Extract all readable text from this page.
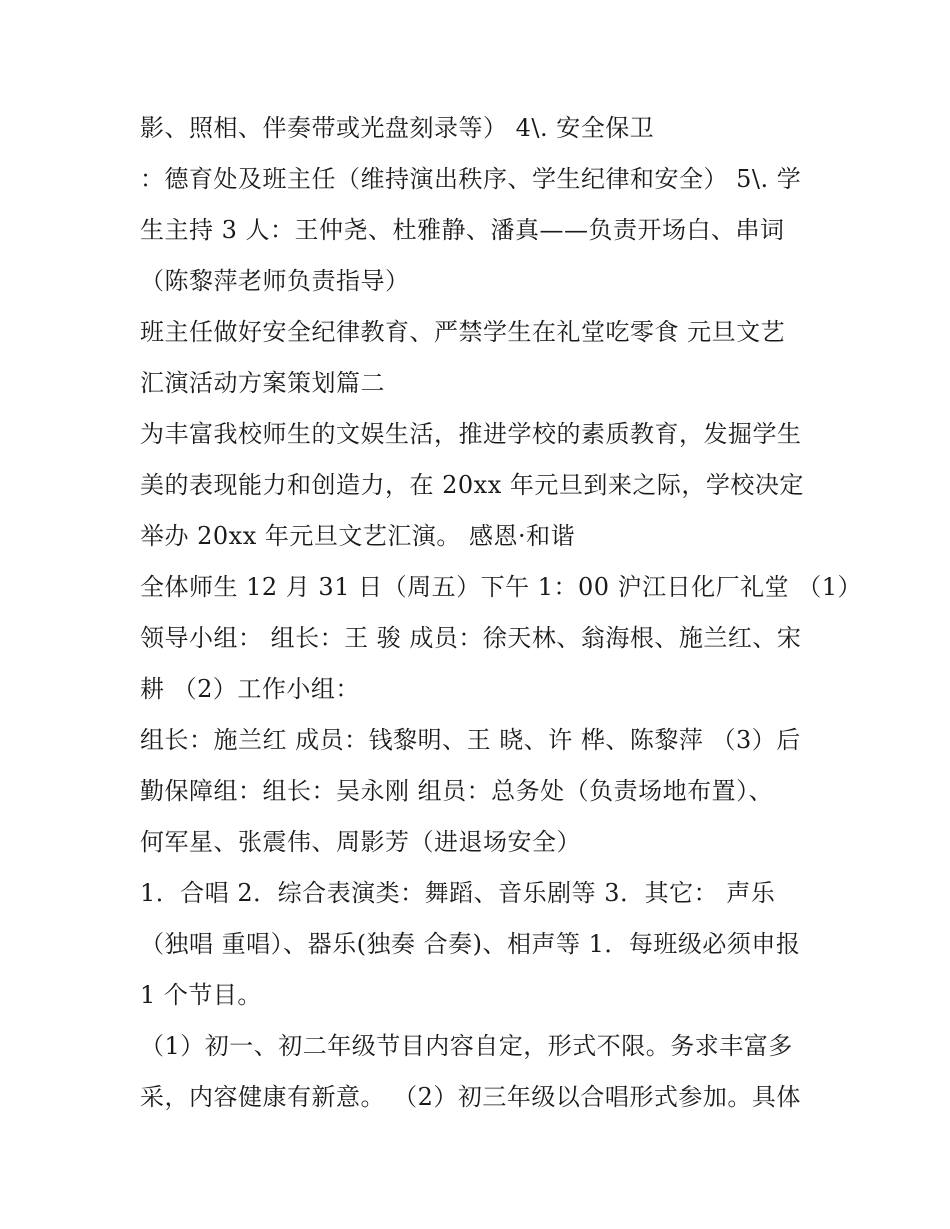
影、照相、伴奏带或光盘刻录等） 4\. 安全保卫
：德育处及班主任（维持演出秩序、学生纪律和安全） 5\. 学
生主持 3 人：王仲尧、杜雅静、潘真——负责开场白、串词
（陈黎萍老师负责指导）
班主任做好安全纪律教育、严禁学生在礼堂吃零食 元旦文艺
汇演活动方案策划篇二
为丰富我校师生的文娱生活，推进学校的素质教育，发掘学生
美的表现能力和创造力，在 20xx 年元旦到来之际，学校决定
举办 20xx 年元旦文艺汇演。 感恩·和谐
全体师生 12 月 31 日（周五）下午 1：00 沪江日化厂礼堂 （1）
领导小组： 组长：王 骏 成员：徐天林、翁海根、施兰红、宋
耕 （2）工作小组：
组长：施兰红 成员：钱黎明、王 晓、许 桦、陈黎萍 （3）后
勤保障组：组长：吴永刚 组员：总务处（负责场地布置）、
何军星、张震伟、周影芳（进退场安全）
1．合唱 2．综合表演类：舞蹈、音乐剧等 3．其它： 声乐
（独唱 重唱）、器乐(独奏 合奏)、相声等 1．每班级必须申报
1 个节目。
（1）初一、初二年级节目内容自定，形式不限。务求丰富多
采，内容健康有新意。 （2）初三年级以合唱形式参加。具体
